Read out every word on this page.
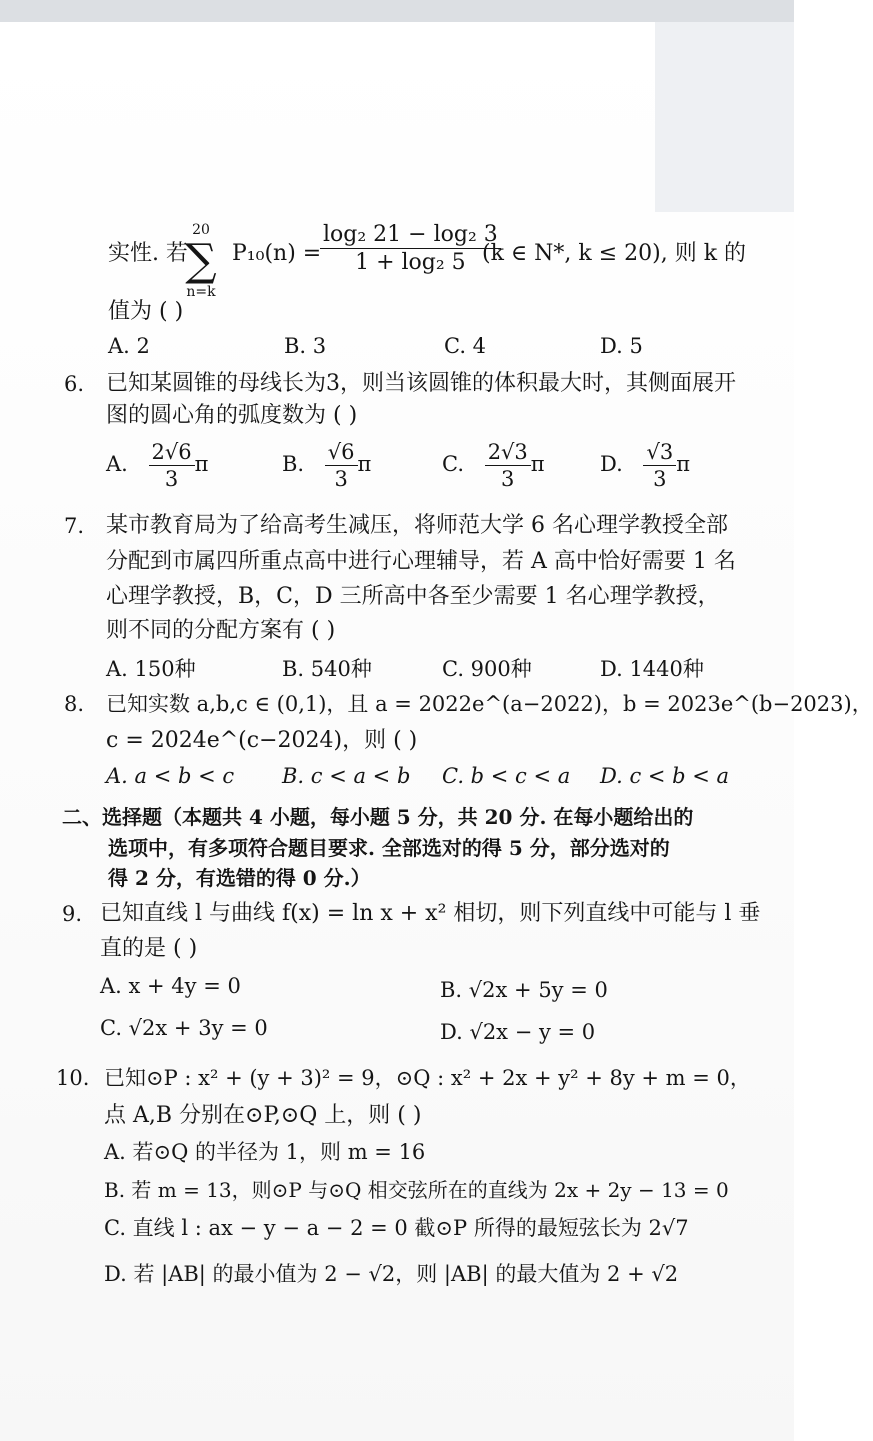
实性. 若
20
∑
n=k
P₁₀(n) =
$\frac{\text{log₂ 21 − log₂ 3}}{\text{1 + log₂ 5}}$
(k ∈ N*, k ≤ 20), 则 k 的
值为 ( )
A. 2	B. 3	C. 4	D. 5
6. 已知某圆锥的母线长为3，则当该圆锥的体积最大时，其侧面展开
图的圆心角的弧度数为 ( )
A. $\frac{2√6}{3}$ π	B. $\frac{√6}{3}$ π	C. $\frac{2√3}{3}$ π	D. $\frac{√3}{3}$ π
7. 某市教育局为了给高考生减压，将师范大学 6 名心理学教授全部
分配到市属四所重点高中进行心理辅导，若 A 高中恰好需要 1 名
心理学教授，B，C，D 三所高中各至少需要 1 名心理学教授，
则不同的分配方案有 ( )
A. 150种	B. 540种	C. 900种	D. 1440种
8. 已知实数 a,b,c ∈ (0,1)，且 a = 2022e^(a−2022)，b = 2023e^(b−2023)，
c = 2024e^(c−2024)，则 ( )
A. a < b < c B. c < a < b C. b < c < a D. c < b < a
二、选择题（本题共 4 小题，每小题 5 分，共 20 分. 在每小题给出的
选项中，有多项符合题目要求. 全部选对的得 5 分，部分选对的
得 2 分，有选错的得 0 分.）
9. 已知直线 l 与曲线 f(x) = ln x + x² 相切，则下列直线中可能与 l 垂
直的是 ( )
A. x + 4y = 0	B. √2x + 5y = 0
C. √2x + 3y = 0	D. √2x − y = 0
10. 已知⊙P : x² + (y + 3)² = 9，⊙Q : x² + 2x + y² + 8y + m = 0，
点 A,B 分别在⊙P,⊙Q 上，则 ( )
A. 若⊙Q 的半径为 1，则 m = 16
B. 若 m = 13，则⊙P 与⊙Q 相交弦所在的直线为 2x + 2y − 13 = 0
C. 直线 l : ax − y − a − 2 = 0 截⊙P 所得的最短弦长为 2√7
D. 若 |AB| 的最小值为 2 − √2，则 |AB| 的最大值为 2 + √2
